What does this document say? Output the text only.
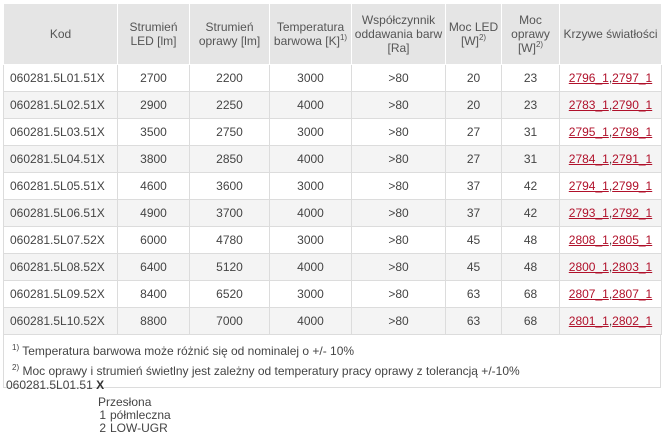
Kod	Strumień LED [lm]	Strumień oprawy [lm]	Temperatura barwowa $[K]^{1)}$	Współczynnik oddawania barw [Ra]	Moc LED $[W]^{2)}$	Moc oprawy $[W]^{2)}$	Krzywe światłości
060281.5L01.51X	2700	2200	3000	>80	20	23	2796_1,2797_1
060281.5L02.51X	2900	2250	4000	>80	20	23	2783_1,2790_1
060281.5L03.51X	3500	2750	3000	>80	27	31	2795_1,2798_1
060281.5L04.51X	3800	2850	4000	>80	27	31	2784_1,2791_1
060281.5L05.51X	4600	3600	3000	>80	37	42	2794_1,2799_1
060281.5L06.51X	4900	3700	4000	>80	37	42	2793_1,2792_1
060281.5L07.52X	6000	4780	3000	>80	45	48	2808_1,2805_1
060281.5L08.52X	6400	5120	4000	>80	45	48	2800_1,2803_1
060281.5L09.52X	8400	6520	3000	>80	63	68	2807_1,2807_1
060281.5L10.52X	8800	7000	4000	>80	63	68	2801_1,2802_1
$^{1)}$ Temperatura barwowa może różnić się od nominalej o +/- 10%
$^{2)}$ Moc oprawy i strumień świetlny jest zależny od temperatury pracy oprawy z tolerancją +/-10%
060281.5L01.51 X
Przesłona
1 półmleczna
2 LOW-UGR
